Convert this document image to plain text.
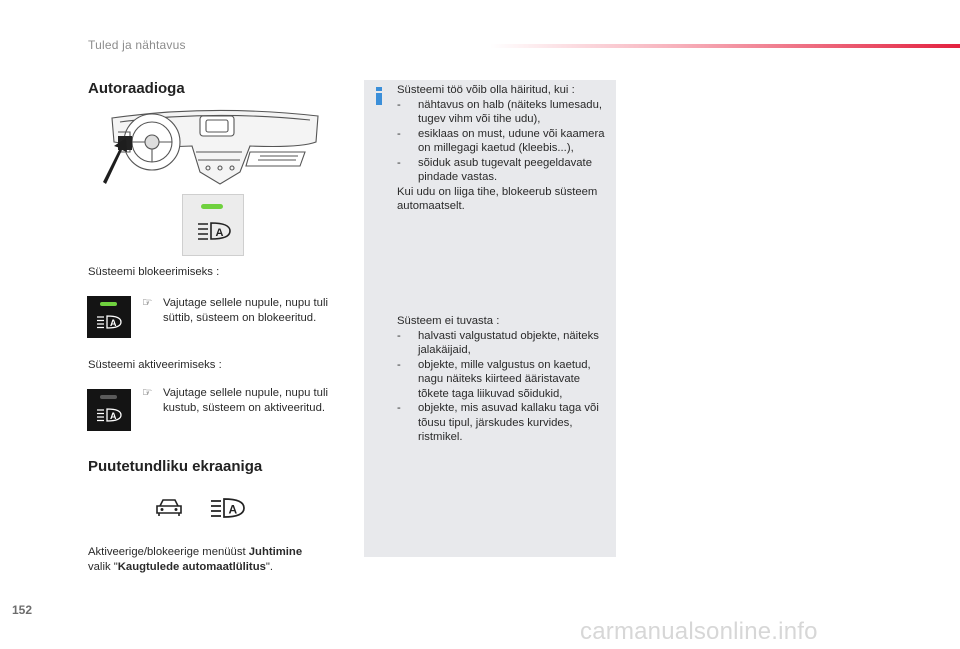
Tuled ja nähtavus
Autoraadioga
A
Süsteemi blokeerimiseks :
A
☞ Vajutage sellele nupule, nupu tuli süttib, süsteem on blokeeritud.
Süsteemi aktiveerimiseks :
A
☞ Vajutage sellele nupule, nupu tuli kustub, süsteem on aktiveeritud.
Puutetundliku ekraaniga
A
Aktiveerige/blokeerige menüüst Juhtimine
valik "Kaugtulede automaatlülitus".
Süsteemi töö võib olla häiritud, kui :
- nähtavus on halb (näiteks lumesadu, tugev vihm või tihe udu),
- esiklaas on must, udune või kaamera on millegagi kaetud (kleebis...),
- sõiduk asub tugevalt peegeldavate pindade vastas.
Kui udu on liiga tihe, blokeerub süsteem automaatselt.
Süsteem ei tuvasta :
- halvasti valgustatud objekte, näiteks jalakäijaid,
- objekte, mille valgustus on kaetud, nagu näiteks kiirteed ääristavate tõkete taga liikuvad sõidukid,
- objekte, mis asuvad kallaku taga või tõusu tipul, järskudes kurvides, ristmikel.
152
carmanualsonline.info
